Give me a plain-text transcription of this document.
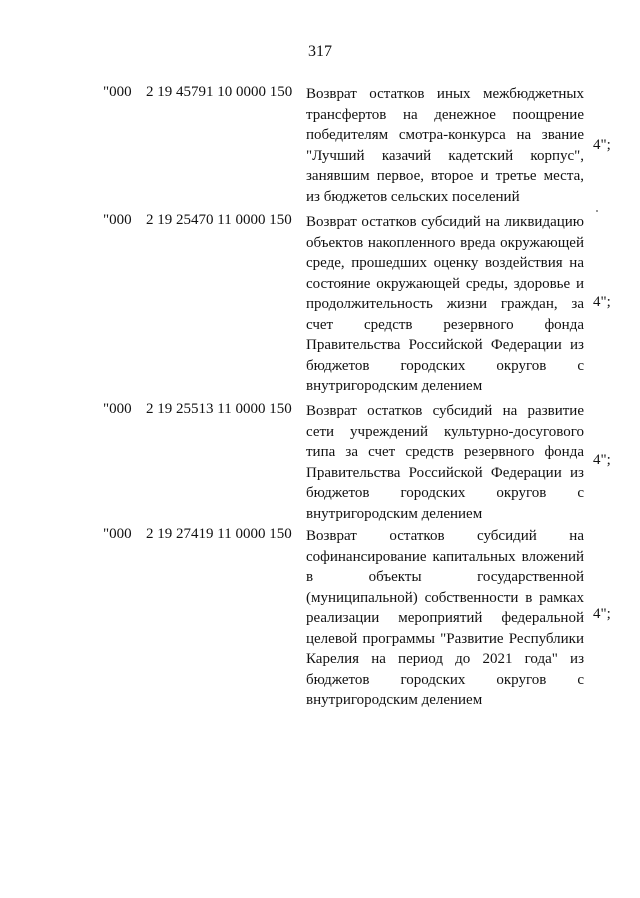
317
"000 2 19 45791 10 0000 150 Возврат остатков иных межбюджетных трансфертов на денежное поощрение победителям смотра-конкурса на звание "Лучший казачий кадетский корпус", занявшим первое, второе и третье места, из бюджетов сельских поселений
4";
"000 2 19 25470 11 0000 150 Возврат остатков субсидий на ликвидацию объектов накопленного вреда окружающей среде, прошедших оценку воздействия на состояние окружающей среды, здоровье и продолжительность жизни граждан, за счет средств резервного фонда Правительства Российской Федерации из бюджетов городских округов с внутригородским делением
4";
"000 2 19 25513 11 0000 150 Возврат остатков субсидий на развитие сети учреждений культурно-досугового типа за счет средств резервного фонда Правительства Российской Федерации из бюджетов городских округов с внутригородским делением
4";
"000 2 19 27419 11 0000 150 Возврат остатков субсидий на софинансирование капитальных вложений в объекты государственной (муниципальной) собственности в рамках реализации мероприятий федеральной целевой программы "Развитие Республики Карелия на период до 2021 года" из бюджетов городских округов с внутригородским делением
4";
